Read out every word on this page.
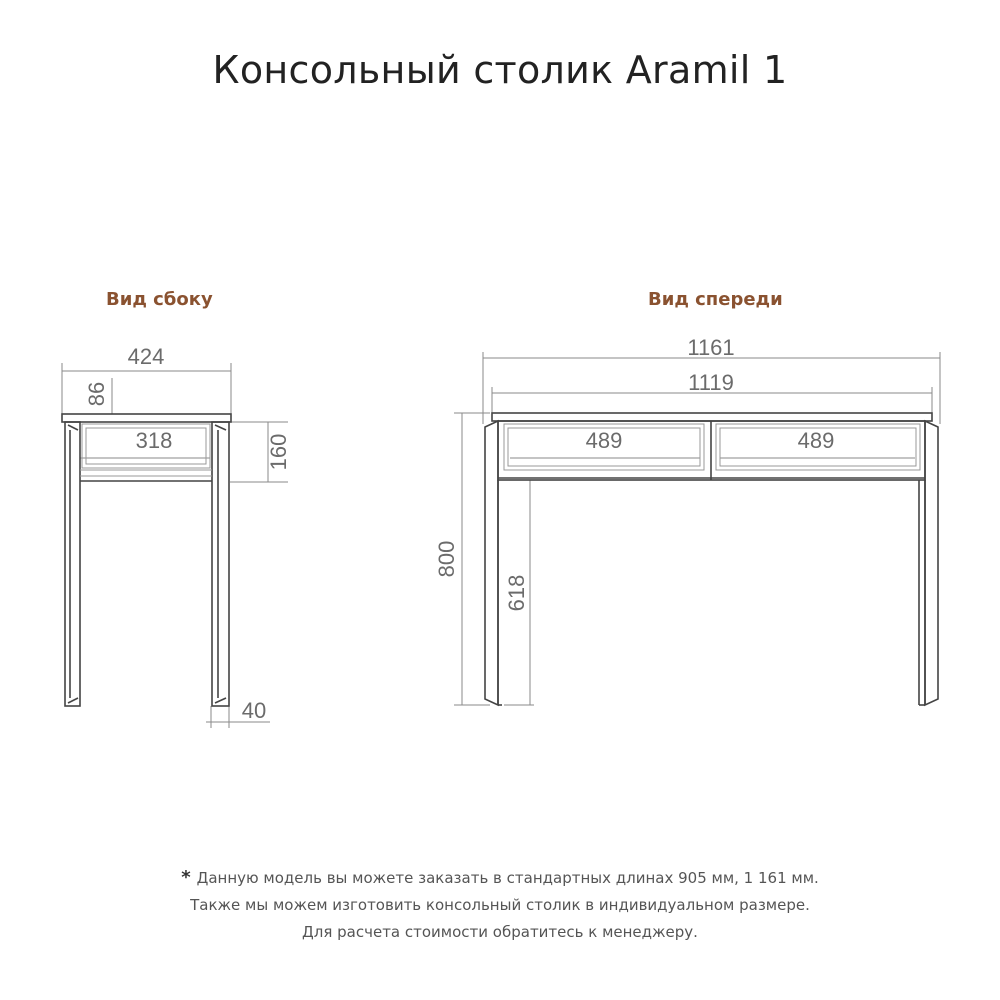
Консольный столик Aramil 1
Вид сбоку	Вид спереди
424
86
318	160
40
1161
1119
489	489
800
618
* Данную модель вы можете заказать в стандартных длинах 905 мм, 1 161 мм.
Также мы можем изготовить консольный столик в индивидуальном размере.
Для расчета стоимости обратитесь к менеджеру.
